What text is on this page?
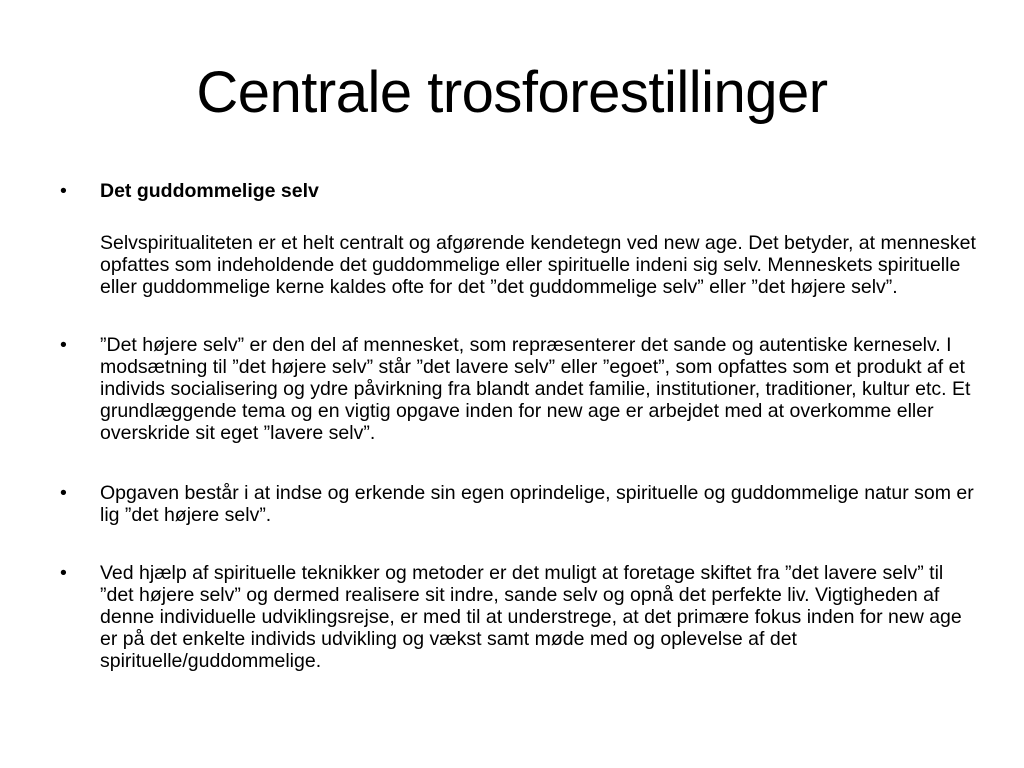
Centrale trosforestillinger
•	Det guddommelige selv
Selvspiritualiteten er et helt centralt og afgørende kendetegn ved new age. Det betyder, at mennesket opfattes som indeholdende det guddommelige eller spirituelle indeni sig selv. Menneskets spirituelle eller guddommelige kerne kaldes ofte for det ”det guddommelige selv” eller ”det højere selv”.
•	”Det højere selv” er den del af mennesket, som repræsenterer det sande og autentiske kerneselv. I modsætning til ”det højere selv” står ”det lavere selv” eller ”egoet”, som opfattes som et produkt af et individs socialisering og ydre påvirkning fra blandt andet familie, institutioner, traditioner, kultur etc. Et grundlæggende tema og en vigtig opgave inden for new age er arbejdet med at overkomme eller overskride sit eget ”lavere selv”.
•	Opgaven består i at indse og erkende sin egen oprindelige, spirituelle og guddommelige natur som er lig ”det højere selv”.
•	Ved hjælp af spirituelle teknikker og metoder er det muligt at foretage skiftet fra ”det lavere selv” til ”det højere selv” og dermed realisere sit indre, sande selv og opnå det perfekte liv. Vigtigheden af denne individuelle udviklingsrejse, er med til at understrege, at det primære fokus inden for new age er på det enkelte individs udvikling og vækst samt møde med og oplevelse af det spirituelle/guddommelige.
